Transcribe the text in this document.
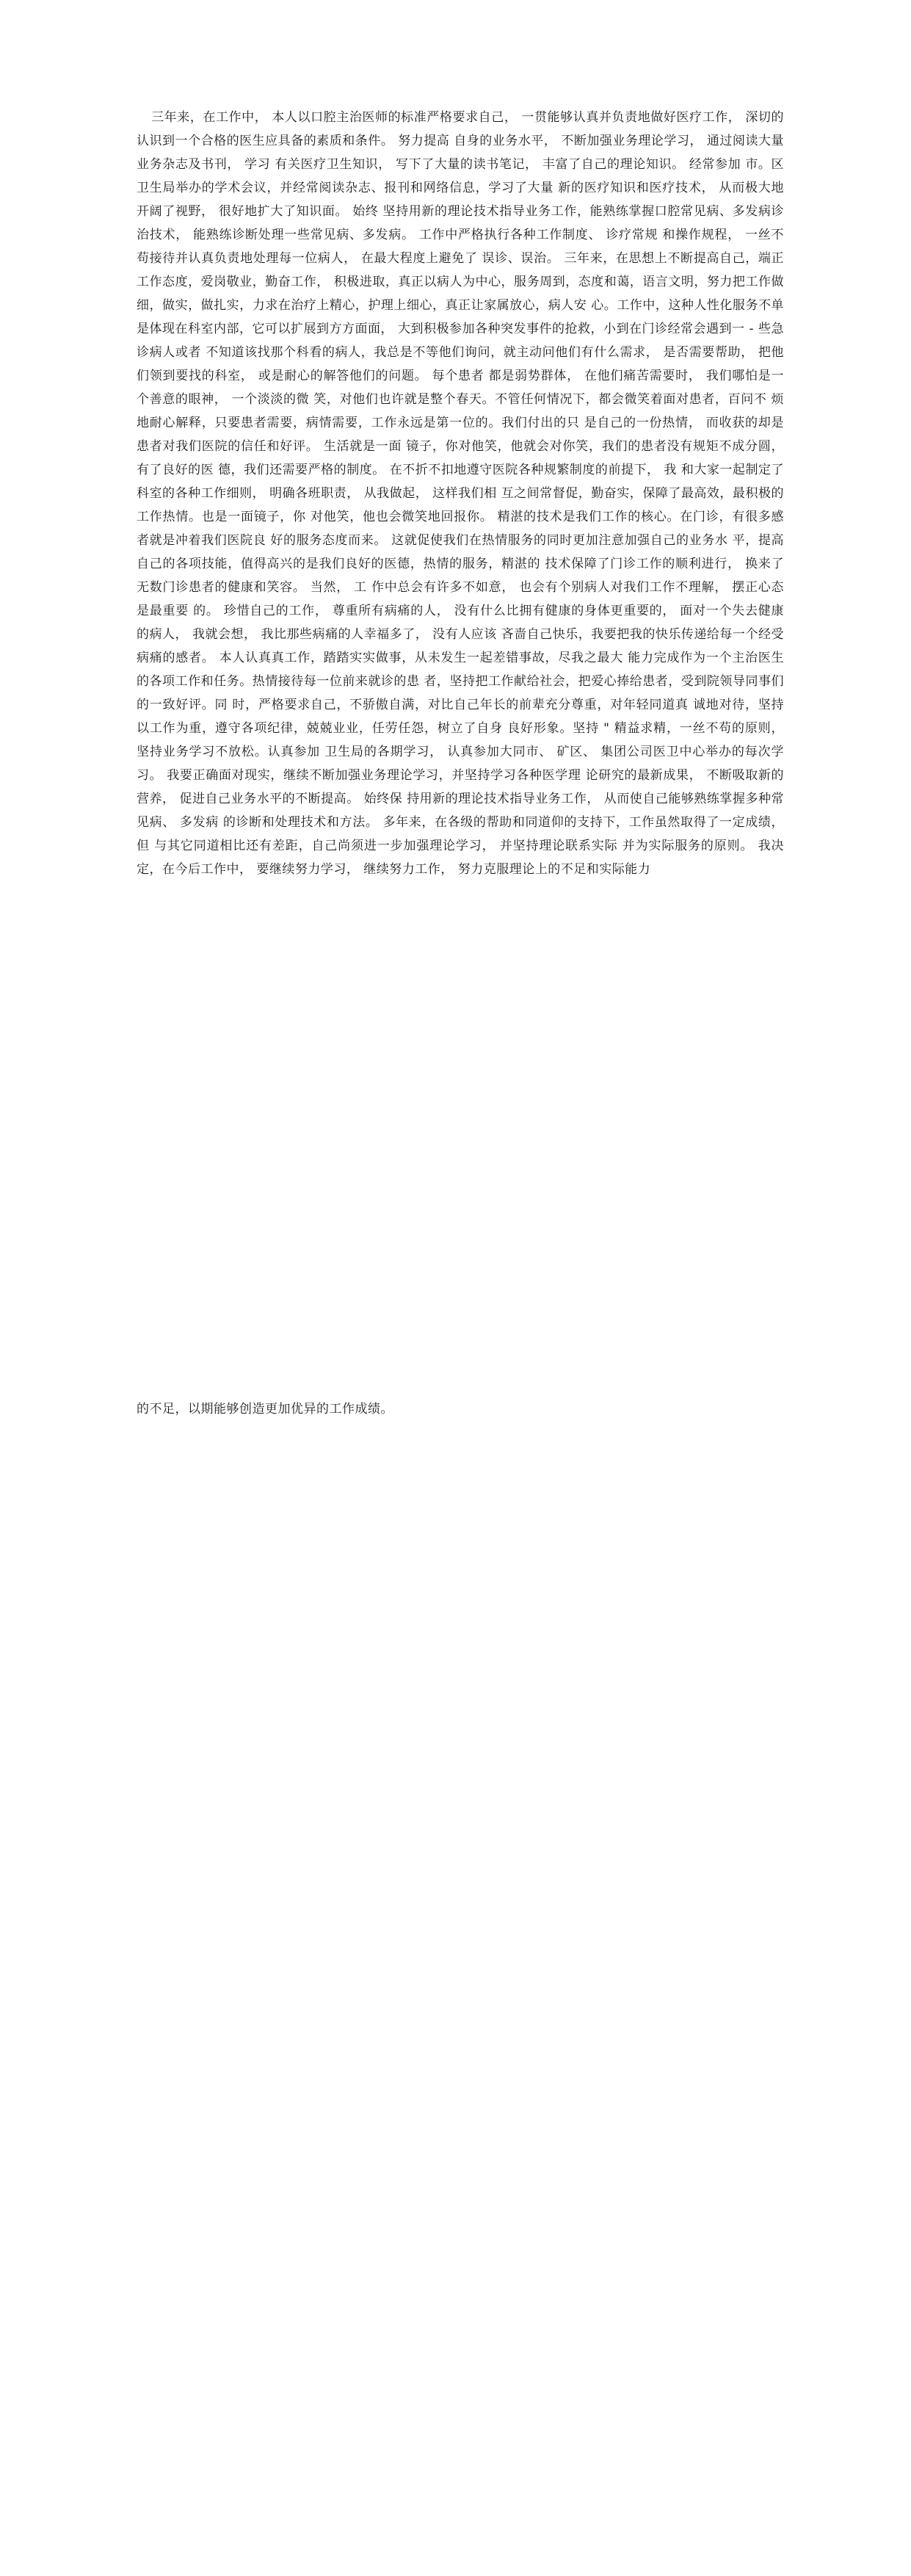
三年来，在工作中， 本人以口腔主治医师的标准严格要求自己， 一贯能够认真并负责地做好医疗工作， 深切的认识到一个合格的医生应具备的素质和条件。 努力提高 自身的业务水平， 不断加强业务理论学习， 通过阅读大量业务杂志及书刊， 学习 有关医疗卫生知识， 写下了大量的读书笔记， 丰富了自己的理论知识。 经常参加 市。区卫生局举办的学术会议，并经常阅读杂志、报刊和网络信息，学习了大量 新的医疗知识和医疗技术， 从而极大地开阔了视野， 很好地扩大了知识面。 始终 坚持用新的理论技术指导业务工作，能熟练掌握口腔常见病、多发病诊治技术， 能熟练诊断处理一些常见病、多发病。 工作中严格执行各种工作制度、 诊疗常规 和操作规程， 一丝不苟接待并认真负责地处理每一位病人， 在最大程度上避免了 误诊、误治。 三年来，在思想上不断提高自己，端正工作态度，爱岗敬业，勤奋工作， 积极进取，真正以病人为中心，服务周到，态度和蔼，语言文明，努力把工作做 细，做实，做扎实，力求在治疗上精心，护理上细心，真正让家属放心，病人安 心。工作中，这种人性化服务不单是体现在科室内部，它可以扩展到方方面面， 大到积极参加各种突发事件的抢救，小到在门诊经常会遇到一 - 些急诊病人或者 不知道该找那个科看的病人，我总是不等他们询问，就主动问他们有什么需求， 是否需要帮助， 把他们领到要找的科室， 或是耐心的解答他们的问题。 每个患者 都是弱势群体， 在他们痛苦需要时， 我们哪怕是一个善意的眼神， 一个淡淡的微 笑，对他们也许就是整个春天。不管任何情况下，都会微笑着面对患者，百问不 烦地耐心解释，只要患者需要，病情需要，工作永远是第一位的。我们付出的只 是自己的一份热情， 而收获的却是患者对我们医院的信任和好评。 生活就是一面 镜子，你对他笑，他就会对你笑，我们的患者没有规矩不成分圆，有了良好的医 德，我们还需要严格的制度。 在不折不扣地遵守医院各种规繁制度的前提下， 我 和大家一起制定了科室的各种工作细则， 明确各班职责， 从我做起， 这样我们相 互之间常督促，勤奋实，保障了最高效，最积极的工作热情。也是一面镜子，你 对他笑，他也会微笑地回报你。 精湛的技术是我们工作的核心。在门诊，有很多感者就是冲着我们医院良 好的服务态度而来。 这就促使我们在热情服务的同时更加注意加强自己的业务水 平，提高自己的各项技能，值得高兴的是我们良好的医德，热情的服务，精湛的 技术保障了门诊工作的顺利进行， 换来了无数门诊患者的健康和笑容。 当然， 工 作中总会有许多不如意， 也会有个别病人对我们工作不理解， 摆正心态是最重要 的。 珍惜自己的工作， 尊重所有病痛的人， 没有什么比拥有健康的身体更重要的， 面对一个失去健康的病人， 我就会想， 我比那些病痛的人幸福多了， 没有人应该 吝啬自己快乐，我要把我的快乐传递给每一个经受病痛的感者。 本人认真真工作，踏踏实实做事，从未发生一起差错事故，尽我之最大 能力完成作为一个主治医生的各项工作和任务。热情接待每一位前来就诊的患 者，坚持把工作献给社会，把爱心捧给患者，受到院领导同事们的一致好评。同 时，严格要求自己，不骄傲自满，对比自己年长的前辈充分尊重，对年轻同道真 诚地对待，坚持以工作为重，遵守各项纪律，兢兢业业，任劳任怨，树立了自身 良好形象。坚持 " 精益求精，一丝不苟的原则，坚持业务学习不放松。认真参加 卫生局的各期学习， 认真参加大同市、 矿区、 集团公司医卫中心举办的每次学习。 我要正确面对现实，继续不断加强业务理论学习，并坚持学习各种医学理 论研究的最新成果， 不断吸取新的营养， 促进自己业务水平的不断提高。 始终保 持用新的理论技术指导业务工作， 从而使自己能够熟练掌握多种常见病、 多发病 的诊断和处理技术和方法。 多年来，在各级的帮助和同道仰的支持下，工作虽然取得了一定成绩，但 与其它同道相比还有差距，自己尚须进一步加强理论学习， 并坚持理论联系实际 并为实际服务的原则。 我决定，在今后工作中， 要继续努力学习， 继续努力工作， 努力克服理论上的不足和实际能力

的不足，以期能够创造更加优异的工作成绩。
